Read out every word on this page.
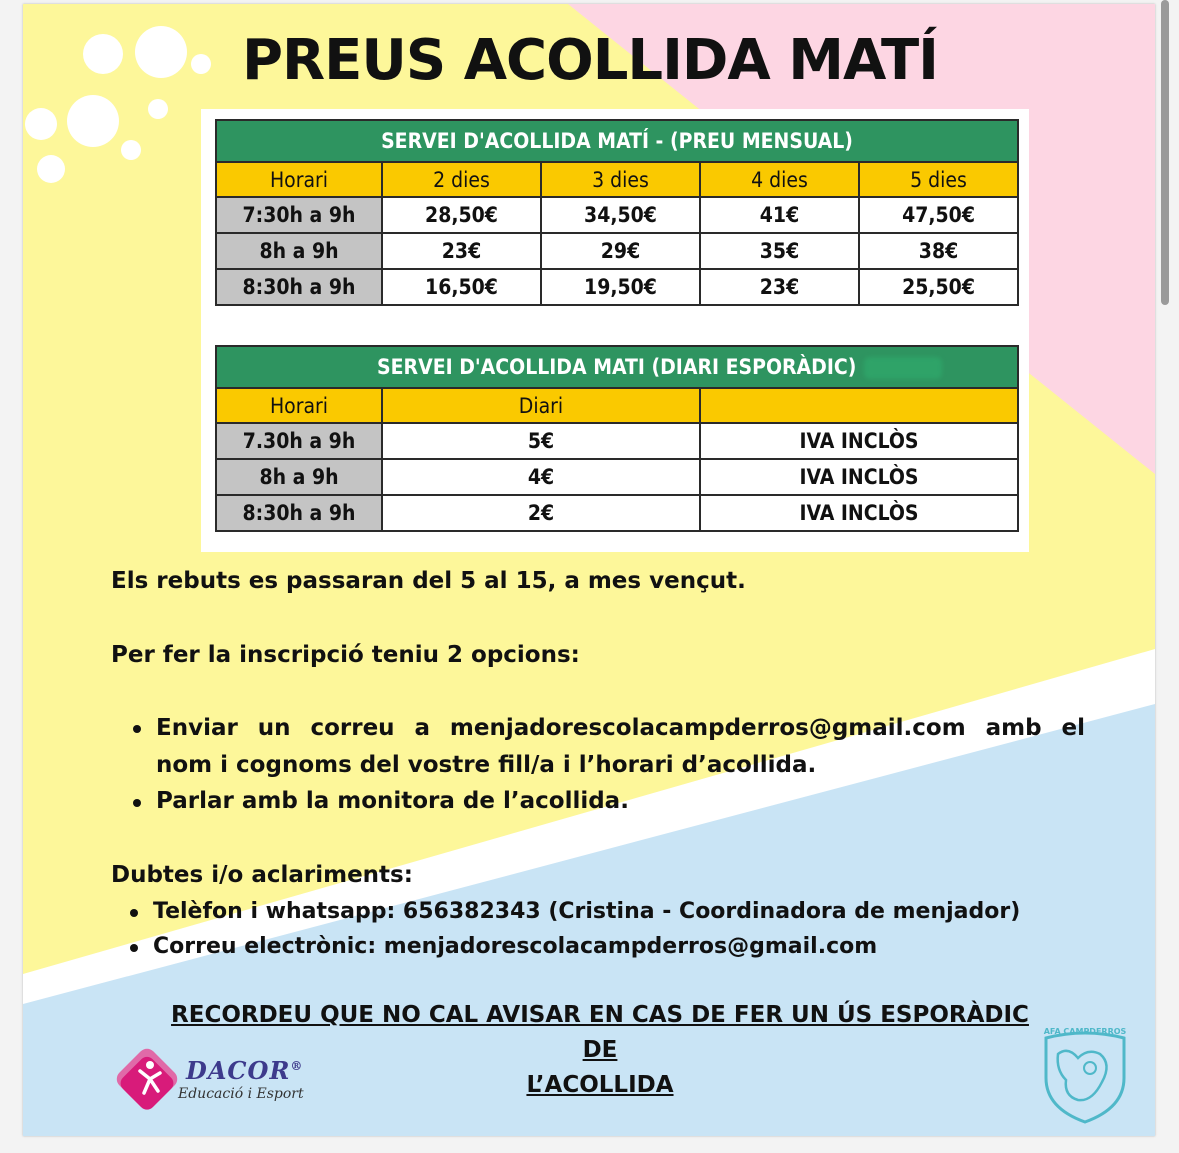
PREUS ACOLLIDA MATÍ
SERVEI D'ACOLLIDA MATÍ - (PREU MENSUAL)				
Horari	2 dies	3 dies	4 dies	5 dies
7:30h a 9h	28,50€	34,50€	41€	47,50€
8h a 9h	23€	29€	35€	38€
8:30h a 9h	16,50€	19,50€	23€	25,50€
SERVEI D'ACOLLIDA MATI (DIARI ESPORÀDIC)		
Horari	Diari	
7.30h a 9h	5€	IVA INCLÒS
8h a 9h	4€	IVA INCLÒS
8:30h a 9h	2€	IVA INCLÒS
Els rebuts es passaran del 5 al 15, a mes vençut.
Per fer la inscripció teniu 2 opcions:
Enviar un correu a menjadorescolacampderros@gmail.com amb el
nom i cognoms del vostre fill/a i l’horari d’acollida.
Parlar amb la monitora de l’acollida.
Dubtes i/o aclariments:
Telèfon i whatsapp: 656382343 (Cristina - Coordinadora de menjador)
Correu electrònic: menjadorescolacampderros@gmail.com
RECORDEU QUE NO CAL AVISAR EN CAS DE FER UN ÚS ESPORÀDIC DE
L’ACOLLIDA
DACOR®
Educació i Esport
AFA CAMPDERROS
